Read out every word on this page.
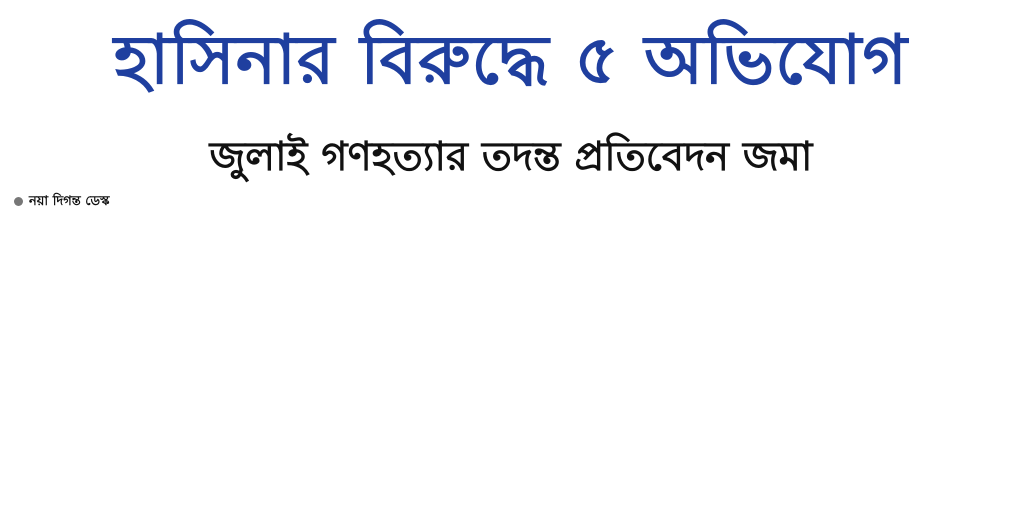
হাসিনার বিরুদ্ধে ৫ অভিযোগ
জুলাই গণহত্যার তদন্ত প্রতিবেদন জমা
নয়া দিগন্ত ডেস্ক
